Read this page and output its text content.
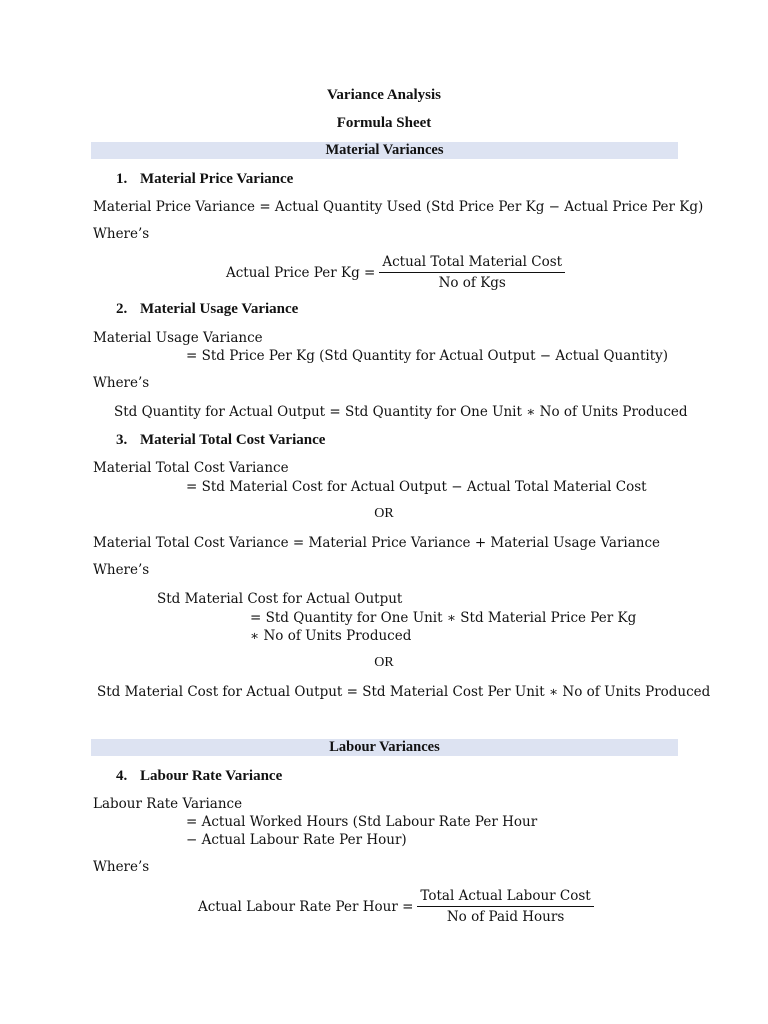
Variance Analysis
Formula Sheet
Material Variances
1. Material Price Variance
Material Price Variance = Actual Quantity Used (Std Price Per Kg − Actual Price Per Kg)
Where’s
Actual Price Per $Kg = \frac{\text{Actual Total Material Cost}}{\text{No of Kgs}}$
2. Material Usage Variance
Material Usage Variance
= Std Price Per Kg (Std Quantity for Actual Output − Actual Quantity)
Where’s
Std Quantity for Actual Output = Std Quantity for One Unit ∗ No of Units Produced
3. Material Total Cost Variance
Material Total Cost Variance
= Std Material Cost for Actual Output − Actual Total Material Cost
OR
Material Total Cost Variance = Material Price Variance + Material Usage Variance
Where’s
Std Material Cost for Actual Output
= Std Quantity for One Unit ∗ Std Material Price Per Kg
∗ No of Units Produced
OR
Std Material Cost for Actual Output = Std Material Cost Per Unit ∗ No of Units Produced
Labour Variances
4. Labour Rate Variance
Labour Rate Variance
= Actual Worked Hours (Std Labour Rate Per Hour
− Actual Labour Rate Per Hour)
Where’s
Actual Labour Rate Per Hour = $\frac{\text{Total Actual Labour Cost}}{\text{No of Paid Hours}}$
